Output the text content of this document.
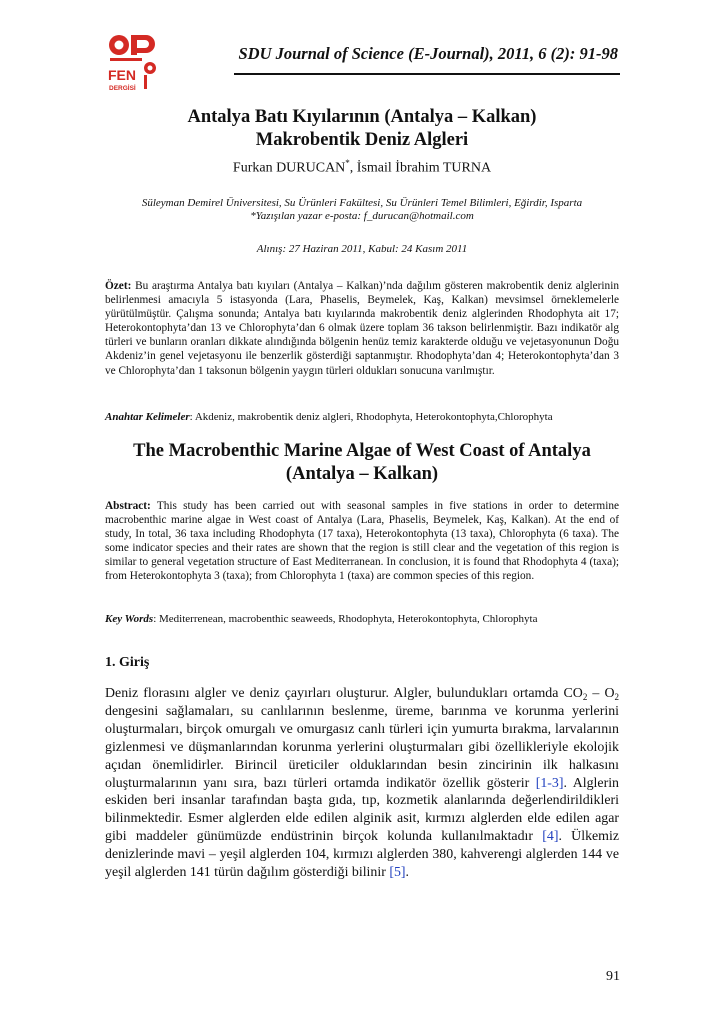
FEN
DERGİSİ
SDU Journal of Science (E-Journal), 2011, 6 (2): 91-98
Antalya Batı Kıyılarının (Antalya – Kalkan)
Makrobentik Deniz Algleri
Furkan DURUCAN*, İsmail İbrahim TURNA
Süleyman Demirel Üniversitesi, Su Ürünleri Fakültesi, Su Ürünleri Temel Bilimleri, Eğirdir, Isparta
*Yazışılan yazar e-posta: f_durucan@hotmail.com
Alınış: 27 Haziran 2011, Kabul: 24 Kasım 2011
Özet: Bu araştırma Antalya batı kıyıları (Antalya – Kalkan)’nda dağılım gösteren makrobentik deniz alglerinin belirlenmesi amacıyla 5 istasyonda (Lara, Phaselis, Beymelek, Kaş, Kalkan) mevsimsel örneklemelerle yürütülmüştür. Çalışma sonunda; Antalya batı kıyılarında makrobentik deniz alglerinden Rhodophyta ait 17; Heterokontophyta’dan 13 ve Chlorophyta’dan 6 olmak üzere toplam 36 takson belirlenmiştir. Bazı indikatör alg türleri ve bunların oranları dikkate alındığında bölgenin henüz temiz karakterde olduğu ve vejetasyonunun Doğu Akdeniz’in genel vejetasyonu ile benzerlik gösterdiği saptanmıştır. Rhodophyta’dan 4; Heterokontophyta’dan 3 ve Chlorophyta’dan 1 taksonun bölgenin yaygın türleri oldukları sonucuna varılmıştır.
Anahtar Kelimeler: Akdeniz, makrobentik deniz algleri, Rhodophyta, Heterokontophyta,Chlorophyta
The Macrobenthic Marine Algae of West Coast of Antalya
(Antalya – Kalkan)
Abstract: This study has been carried out with seasonal samples in five stations in order to determine macrobenthic marine algae in West coast of Antalya (Lara, Phaselis, Beymelek, Kaş, Kalkan). At the end of study, In total, 36 taxa including Rhodophyta (17 taxa), Heterokontophyta (13 taxa), Chlorophyta (6 taxa). The some indicator species and their rates are shown that the region is still clear and the vegetation of this region is similar to general vegetation structure of East Mediterranean. In conclusion, it is found that Rhodophyta 4 (taxa); from Heterokontophyta 3 (taxa); from Chlorophyta 1 (taxa) are common species of this region.
Key Words: Mediterrenean, macrobenthic seaweeds, Rhodophyta, Heterokontophyta, Chlorophyta
1. Giriş
Deniz florasını algler ve deniz çayırları oluşturur. Algler, bulundukları ortamda $CO_2 - O_2$ dengesini sağlamaları, su canlılarının beslenme, üreme, barınma ve korunma yerlerini oluşturmaları, birçok omurgalı ve omurgasız canlı türleri için yumurta bırakma, larvalarının gizlenmesi ve düşmanlarından korunma yerlerini oluşturmaları gibi özellikleriyle ekolojik açıdan önemlidirler. Birincil üreticiler olduklarından besin zincirinin ilk halkasını oluşturmalarının yanı sıra, bazı türleri ortamda indikatör özellik gösterir [1-3]. Alglerin eskiden beri insanlar tarafından başta gıda, tıp, kozmetik alanlarında değerlendirildikleri bilinmektedir. Esmer alglerden elde edilen alginik asit, kırmızı alglerden elde edilen agar gibi maddeler günümüzde endüstrinin birçok kolunda kullanılmaktadır [4]. Ülkemiz denizlerinde mavi – yeşil alglerden 104, kırmızı alglerden 380, kahverengi alglerden 144 ve yeşil alglerden 141 türün dağılım gösterdiği bilinir [5].
91
